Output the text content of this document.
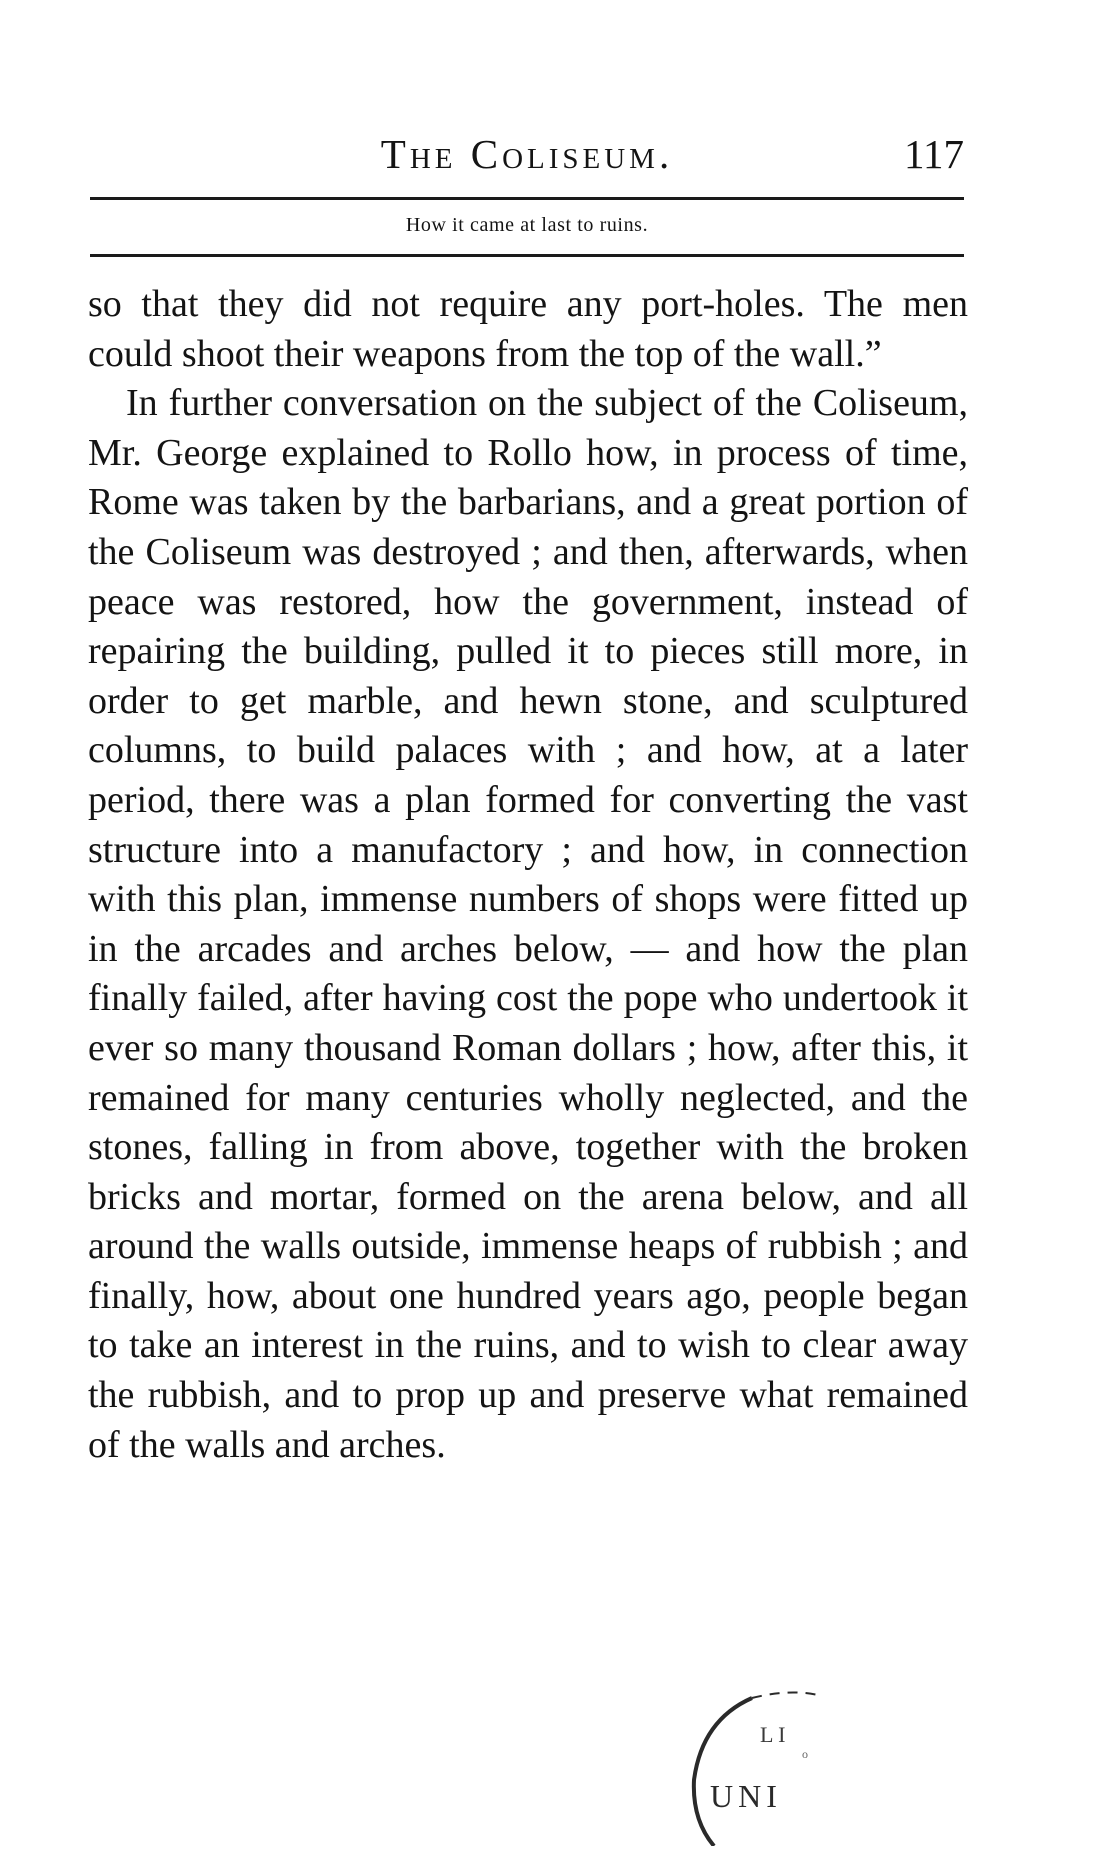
The Coliseum.	117
How it came at last to ruins.

so that they did not require any port-holes. The men could shoot their weapons from the top of the wall.”

In further conversation on the subject of the Coliseum, Mr. George explained to Rollo how, in process of time, Rome was taken by the barbarians, and a great portion of the Coliseum was destroyed ; and then, afterwards, when peace was restored, how the government, instead of repairing the building, pulled it to pieces still more, in order to get marble, and hewn stone, and sculptured columns, to build palaces with ; and how, at a later period, there was a plan formed for converting the vast structure into a manufactory ; and how, in connection with this plan, immense numbers of shops were fitted up in the arcades and arches below, — and how the plan finally failed, after having cost the pope who undertook it ever so many thousand Roman dollars ; how, after this, it remained for many centuries wholly neglected, and the stones, falling in from above, together with the broken bricks and mortar, formed on the arena below, and all around the walls outside, immense heaps of rubbish ; and finally, how, about one hundred years ago, people began to take an interest in the ruins, and to wish to clear away the rubbish, and to prop up and preserve what remained of the walls and arches.

L I
o
UNI
